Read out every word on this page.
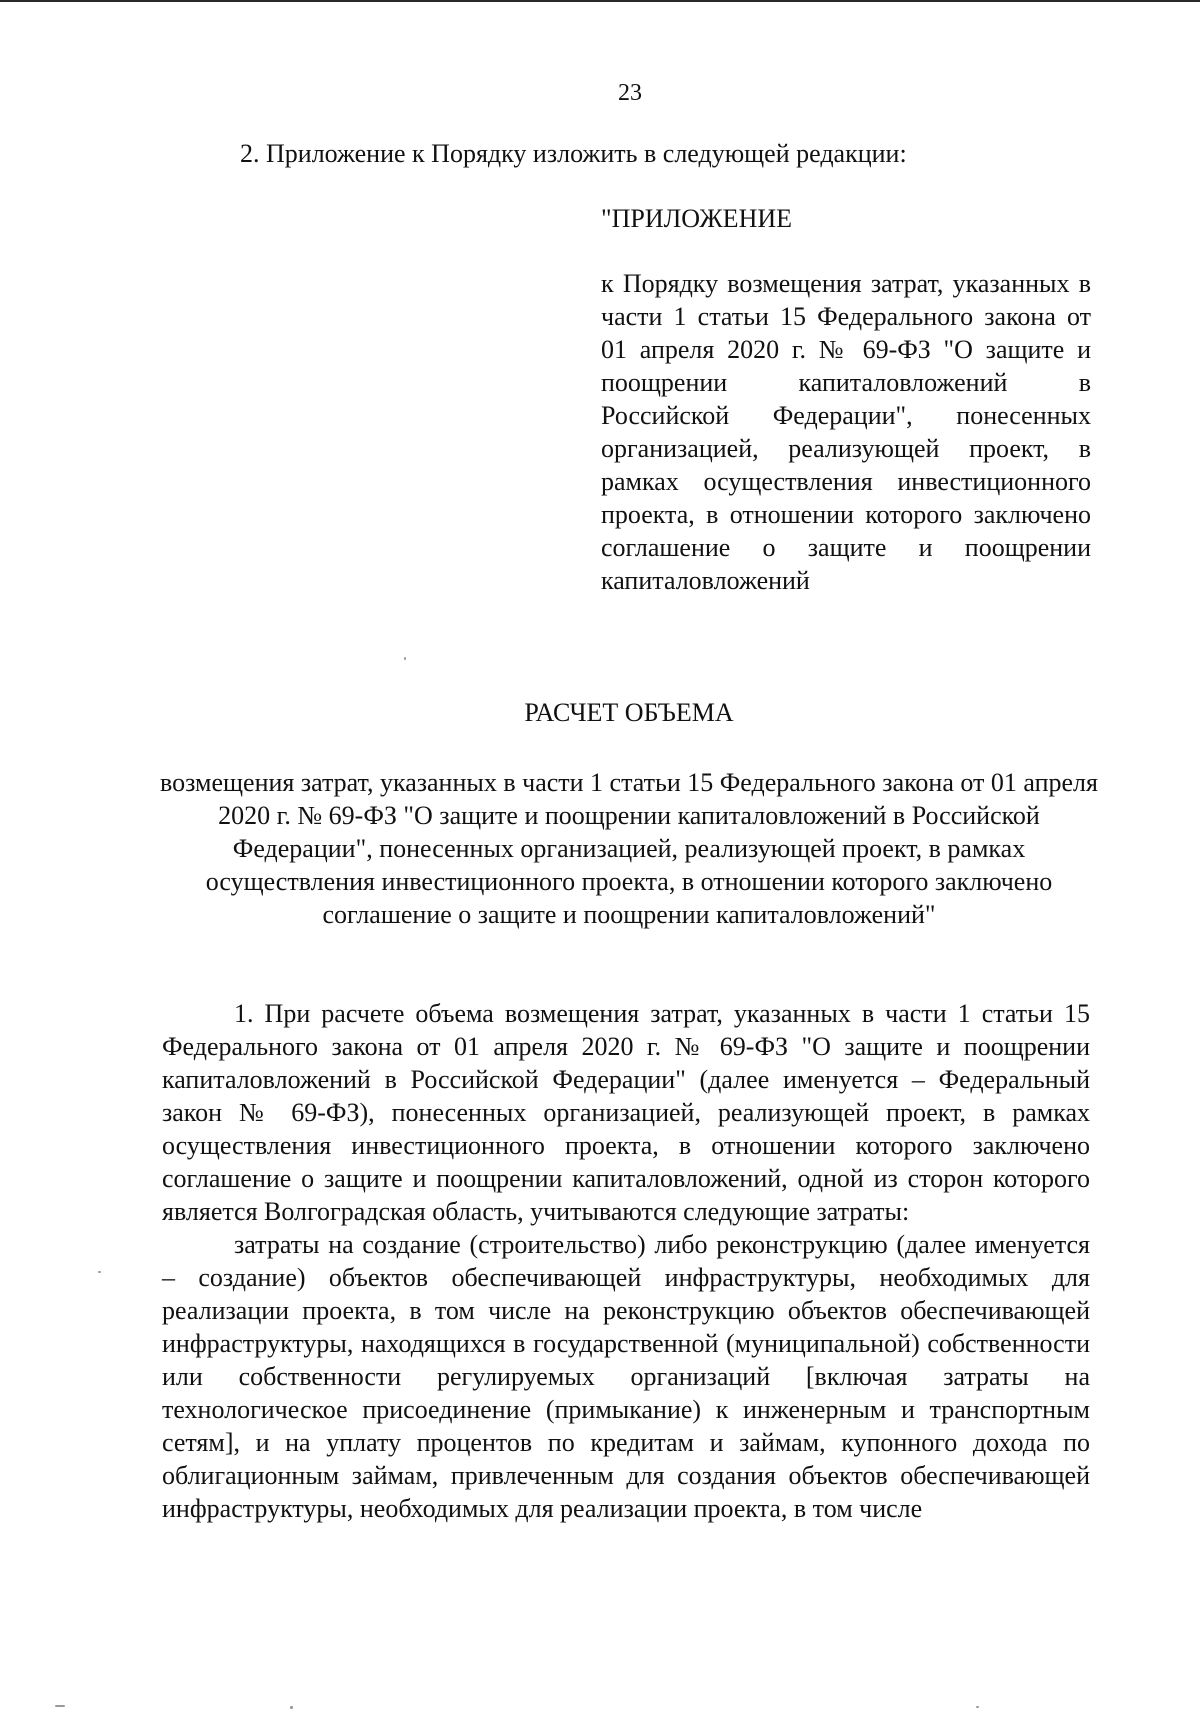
23
2. Приложение к Порядку изложить в следующей редакции:
"ПРИЛОЖЕНИЕ

к Порядку возмещения затрат, указанных в части 1 статьи 15 Федерального закона от 01 апреля 2020 г. № 69-ФЗ "О защите и поощрении капиталовложений в Российской Федерации", понесенных организацией, реализующей проект, в рамках осуществления инвестиционного проекта, в отношении которого заключено соглашение о защите и поощрении капиталовложений

РАСЧЕТ ОБЪЕМА

возмещения затрат, указанных в части 1 статьи 15 Федерального закона от 01 апреля 2020 г. № 69-ФЗ "О защите и поощрении капиталовложений в Российской Федерации", понесенных организацией, реализующей проект, в рамках осуществления инвестиционного проекта, в отношении которого заключено соглашение о защите и поощрении капиталовложений"

1. При расчете объема возмещения затрат, указанных в части 1 статьи 15 Федерального закона от 01 апреля 2020 г. № 69-ФЗ "О защите и поощрении капиталовложений в Российской Федерации" (далее именуется – Федеральный закон № 69-ФЗ), понесенных организацией, реализующей проект, в рамках осуществления инвестиционного проекта, в отношении которого заключено соглашение о защите и поощрении капиталовложений, одной из сторон которого является Волгоградская область, учитываются следующие затраты:

затраты на создание (строительство) либо реконструкцию (далее именуется – создание) объектов обеспечивающей инфраструктуры, необходимых для реализации проекта, в том числе на реконструкцию объектов обеспечивающей инфраструктуры, находящихся в государственной (муниципальной) собственности или собственности регулируемых организаций [включая затраты на технологическое присоединение (примыкание) к инженерным и транспортным сетям], и на уплату процентов по кредитам и займам, купонного дохода по облигационным займам, привлеченным для создания объектов обеспечивающей инфраструктуры, необходимых для реализации проекта, в том числе
